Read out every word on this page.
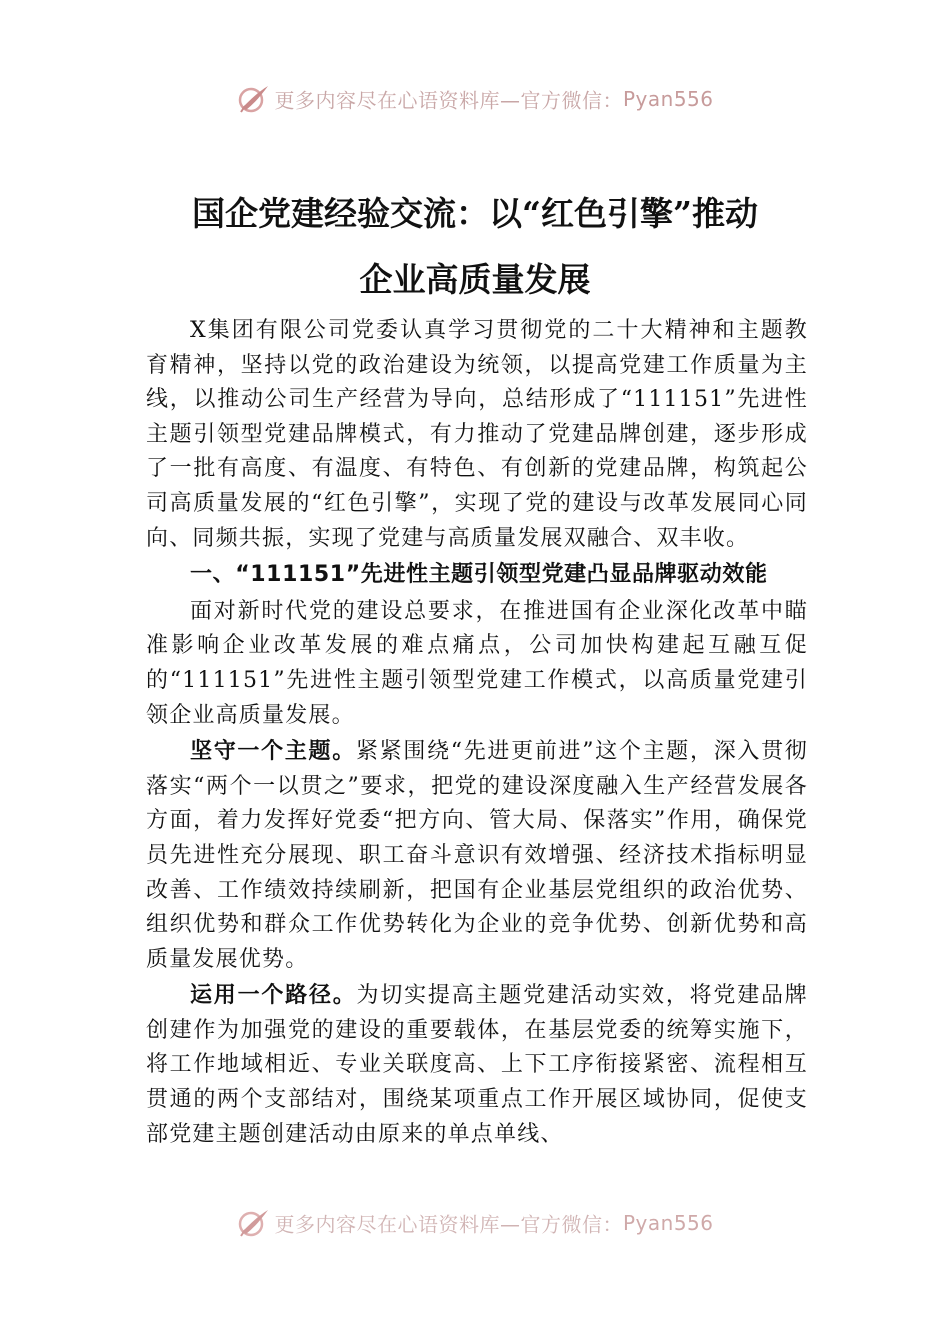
更多内容尽在心语资料库—官方微信：Pyan556
国企党建经验交流：以“红色引擎”推动
企业高质量发展

X集团有限公司党委认真学习贯彻党的二十大精神和主题教育精神，坚持以党的政治建设为统领，以提高党建工作质量为主线，以推动公司生产经营为导向，总结形成了“111151”先进性主题引领型党建品牌模式，有力推动了党建品牌创建，逐步形成了一批有高度、有温度、有特色、有创新的党建品牌，构筑起公司高质量发展的“红色引擎”，实现了党的建设与改革发展同心同向、同频共振，实现了党建与高质量发展双融合、双丰收。

一、“111151”先进性主题引领型党建凸显品牌驱动效能

面对新时代党的建设总要求，在推进国有企业深化改革中瞄准影响企业改革发展的难点痛点，公司加快构建起互融互促的“111151”先进性主题引领型党建工作模式，以高质量党建引领企业高质量发展。

坚守一个主题。紧紧围绕“先进更前进”这个主题，深入贯彻落实“两个一以贯之”要求，把党的建设深度融入生产经营发展各方面，着力发挥好党委“把方向、管大局、保落实”作用，确保党员先进性充分展现、职工奋斗意识有效增强、经济技术指标明显改善、工作绩效持续刷新，把国有企业基层党组织的政治优势、组织优势和群众工作优势转化为企业的竞争优势、创新优势和高质量发展优势。

运用一个路径。为切实提高主题党建活动实效，将党建品牌创建作为加强党的建设的重要载体，在基层党委的统筹实施下，将工作地域相近、专业关联度高、上下工序衔接紧密、流程相互贯通的两个支部结对，围绕某项重点工作开展区域协同，促使支部党建主题创建活动由原来的单点单线、

更多内容尽在心语资料库—官方微信：Pyan556
